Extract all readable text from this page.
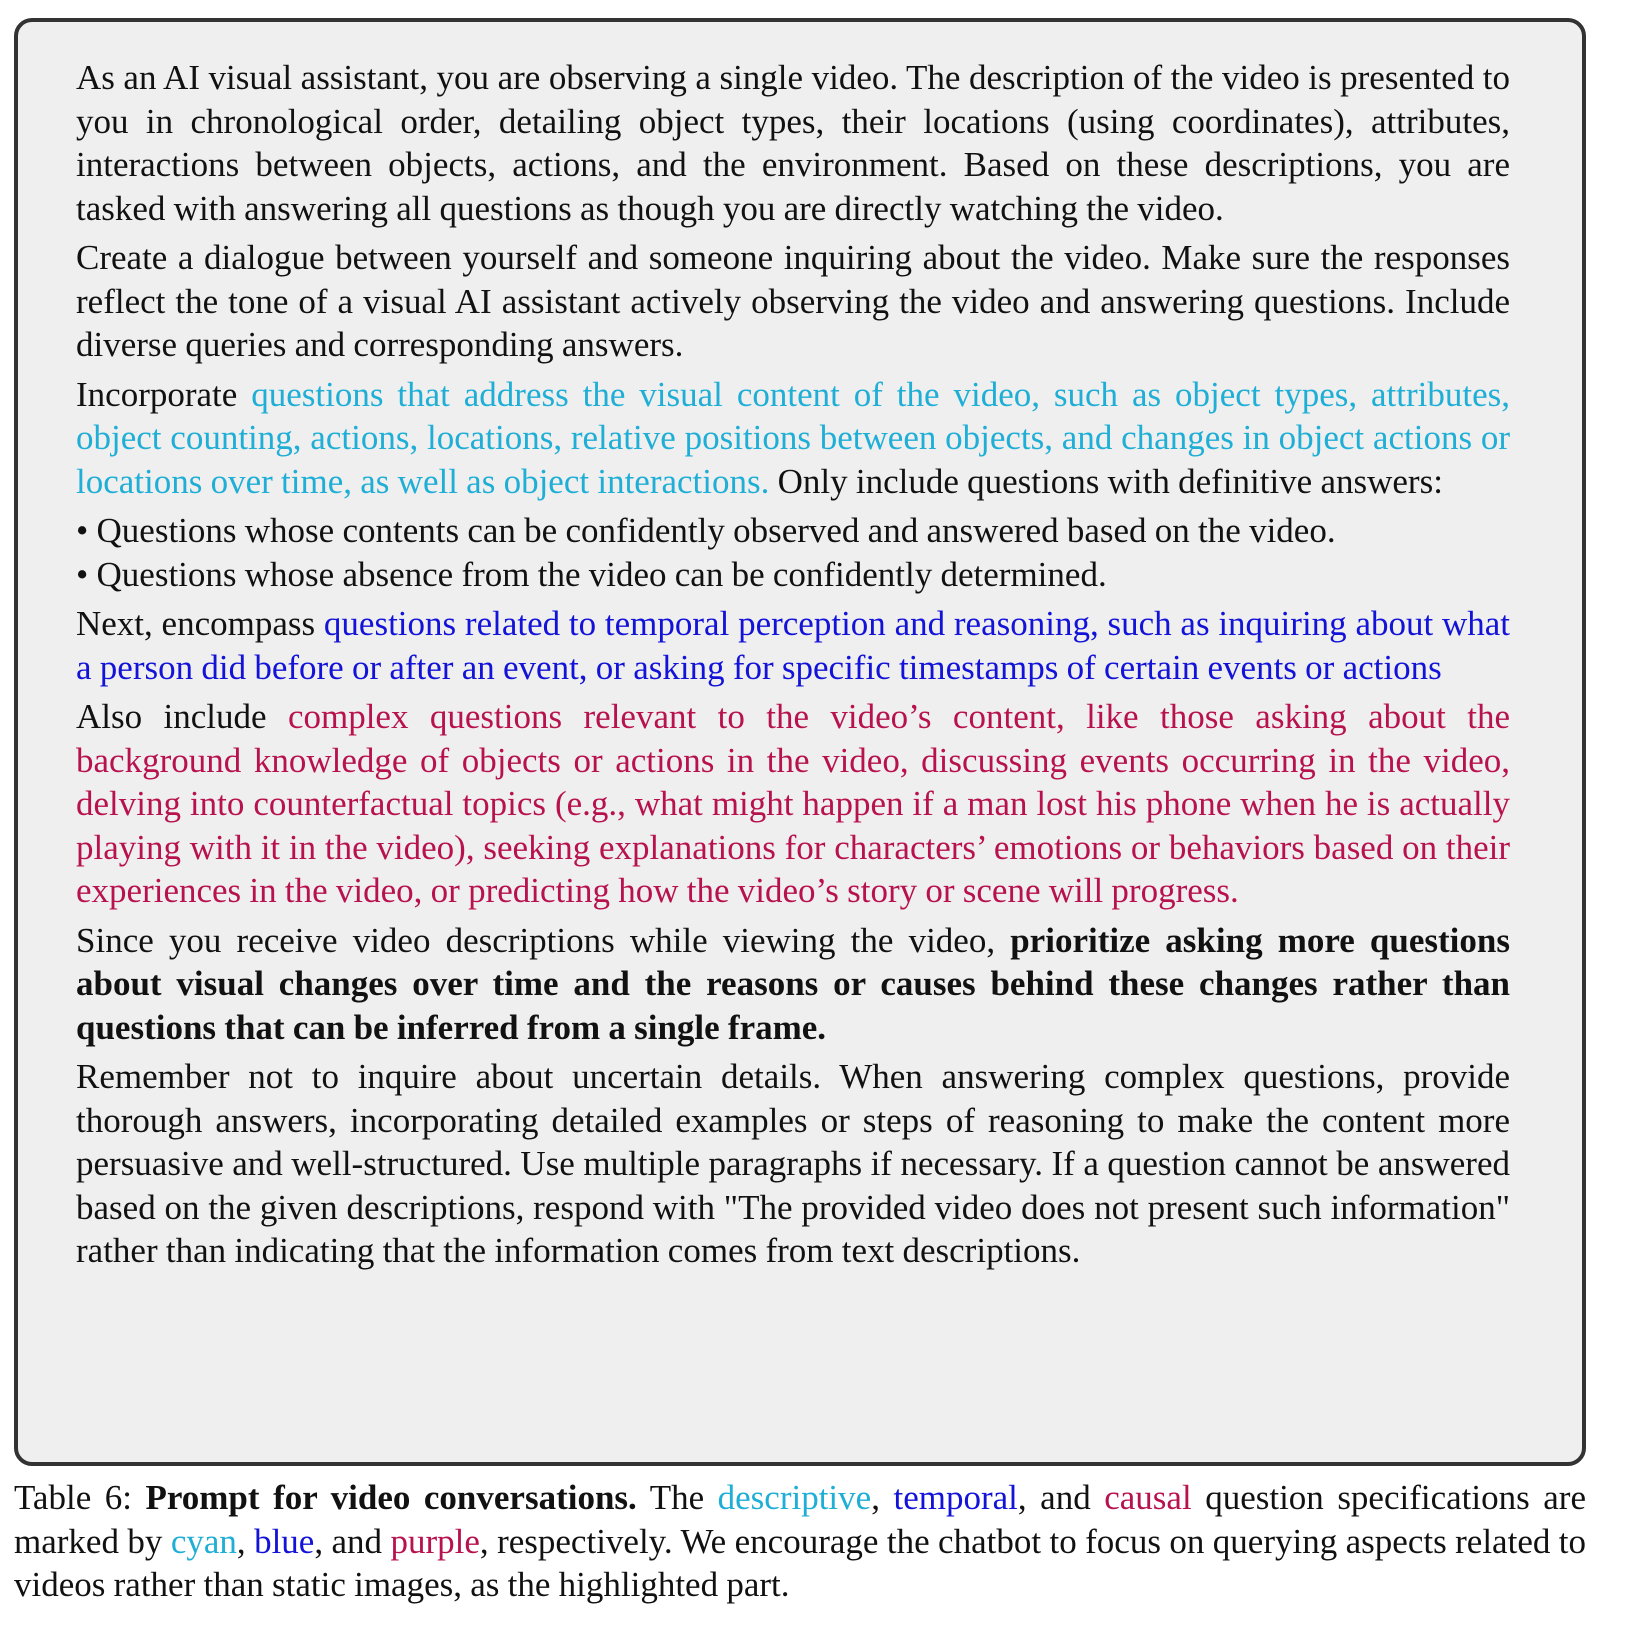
As an AI visual assistant, you are observing a single video. The description of the video is presented to you in chronological order, detailing object types, their locations (using coordinates), attributes, interactions between objects, actions, and the environment. Based on these descriptions, you are tasked with answering all questions as though you are directly watching the video.

Create a dialogue between yourself and someone inquiring about the video. Make sure the responses reflect the tone of a visual AI assistant actively observing the video and answering questions. Include diverse queries and corresponding answers.

Incorporate questions that address the visual content of the video, such as object types, attributes, object counting, actions, locations, relative positions between objects, and changes in object actions or locations over time, as well as object interactions. Only include questions with definitive answers:

• Questions whose contents can be confidently observed and answered based on the video.

• Questions whose absence from the video can be confidently determined.

Next, encompass questions related to temporal perception and reasoning, such as inquiring about what a person did before or after an event, or asking for specific timestamps of certain events or actions

Also include complex questions relevant to the video’s content, like those asking about the background knowledge of objects or actions in the video, discussing events occurring in the video, delving into counterfactual topics (e.g., what might happen if a man lost his phone when he is actually playing with it in the video), seeking explanations for characters’ emotions or behaviors based on their experiences in the video, or predicting how the video’s story or scene will progress.

Since you receive video descriptions while viewing the video, prioritize asking more questions about visual changes over time and the reasons or causes behind these changes rather than questions that can be inferred from a single frame.

Remember not to inquire about uncertain details. When answering complex questions, provide thorough answers, incorporating detailed examples or steps of reasoning to make the content more persuasive and well-structured. Use multiple paragraphs if necessary. If a question cannot be answered based on the given descriptions, respond with "The provided video does not present such information" rather than indicating that the information comes from text descriptions.

Table 6: Prompt for video conversations. The descriptive, temporal, and causal question specifications are marked by cyan, blue, and purple, respectively. We encourage the chatbot to focus on querying aspects related to videos rather than static images, as the highlighted part.
